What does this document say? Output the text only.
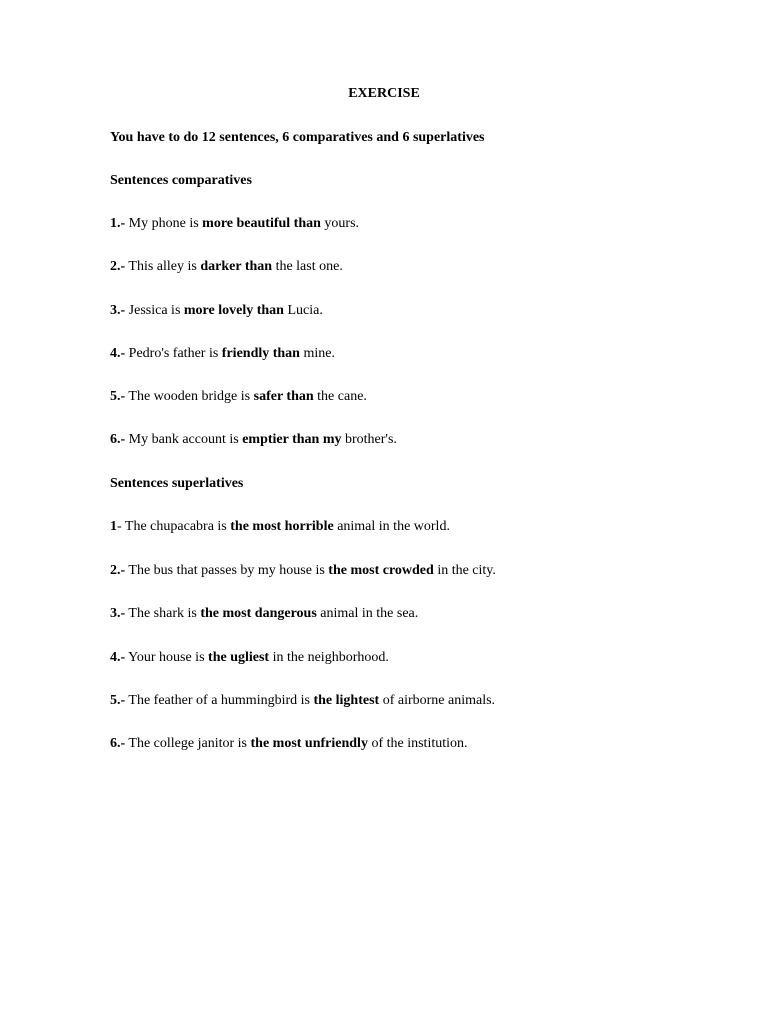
EXERCISE
You have to do 12 sentences, 6 comparatives and 6 superlatives
Sentences comparatives
1.- My phone is more beautiful than yours.
2.- This alley is darker than the last one.
3.- Jessica is more lovely than Lucia.
4.- Pedro's father is friendly than mine.
5.- The wooden bridge is safer than the cane.
6.- My bank account is emptier than my brother's.
Sentences superlatives
1- The chupacabra is the most horrible animal in the world.
2.- The bus that passes by my house is the most crowded in the city.
3.- The shark is the most dangerous animal in the sea.
4.- Your house is the ugliest in the neighborhood.
5.- The feather of a hummingbird is the lightest of airborne animals.
6.- The college janitor is the most unfriendly of the institution.
